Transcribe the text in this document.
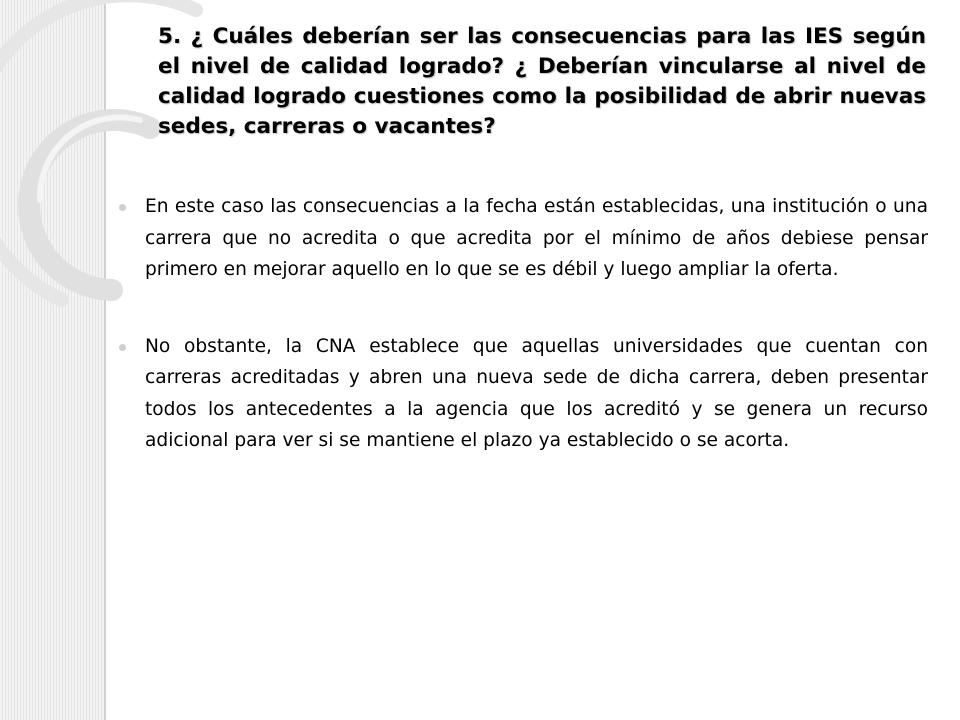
5. ¿ Cuáles deberían ser las consecuencias para las IES según el nivel de calidad logrado? ¿ Deberían vincularse al nivel de calidad logrado cuestiones como la posibilidad de abrir nuevas sedes, carreras o vacantes?
En este caso las consecuencias a la fecha están establecidas, una institución o una carrera que no acredita o que acredita por el mínimo de años debiese pensar primero en mejorar aquello en lo que se es débil y luego ampliar la oferta.
No obstante, la CNA establece que aquellas universidades que cuentan con carreras acreditadas y abren una nueva sede de dicha carrera, deben presentar todos los antecedentes a la agencia que los acreditó y se genera un recurso adicional para ver si se mantiene el plazo ya establecido o se acorta.
